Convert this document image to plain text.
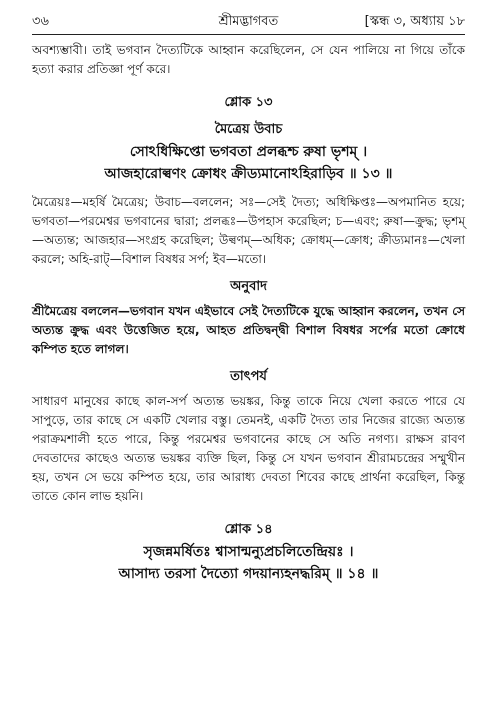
৩৬	শ্রীমদ্ভাগবত	[স্কন্ধ ৩, অধ্যায় ১৮

অবশ্যম্ভাবী। তাই ভগবান দৈত্যটিকে আহ্বান করেছিলেন, সে যেন পালিয়ে না গিয়ে তাঁকে হত্যা করার প্রতিজ্ঞা পূর্ণ করে।

শ্লোক ১৩
মৈত্রেয় উবাচ
সোঽধিক্ষিপ্তো ভগবতা প্রলব্ধশ্চ রুষা ভৃশম্ ।
আজহারোল্বণং ক্রোধং ক্রীড্যমানোঽহিরাড়িব ॥ ১৩ ॥

মৈত্রেয়ঃ—মহর্ষি মৈত্রেয়; উবাচ—বললেন; সঃ—সেই দৈত্য; অধিক্ষিপ্তঃ—অপমানিত হয়ে; ভগবতা—পরমেশ্বর ভগবানের দ্বারা; প্রলব্ধঃ—উপহাস করেছিল; চ—এবং; রুষা—ক্রুদ্ধ; ভৃশম্—অত্যন্ত; আজহার—সংগ্রহ করেছিল; উল্বণম্—অধিক; ক্রোধম্—ক্রোধ; ক্রীড্যমানঃ—খেলা করলে; অহি-রাট্—বিশাল বিষধর সর্প; ইব—মতো।

অনুবাদ

শ্রীমৈত্রেয় বললেন—ভগবান যখন এইভাবে সেই দৈত্যটিকে যুদ্ধে আহ্বান করলেন, তখন সে অত্যন্ত ক্রুদ্ধ এবং উত্তেজিত হয়ে, আহত প্রতিদ্বন্দ্বী বিশাল বিষধর সর্পের মতো ক্রোধে কম্পিত হতে লাগল।

তাৎপর্য

সাধারণ মানুষের কাছে কাল-সর্প অত্যন্ত ভয়ঙ্কর, কিন্তু তাকে নিয়ে খেলা করতে পারে যে সাপুড়ে, তার কাছে সে একটি খেলার বস্তু। তেমনই, একটি দৈত্য তার নিজের রাজ্যে অত্যন্ত পরাক্রমশালী হতে পারে, কিন্তু পরমেশ্বর ভগবানের কাছে সে অতি নগণ্য। রাক্ষস রাবণ দেবতাদের কাছেও অত্যন্ত ভয়ঙ্কর ব্যক্তি ছিল, কিন্তু সে যখন ভগবান শ্রীরামচন্দ্রের সম্মুখীন হয়, তখন সে ভয়ে কম্পিত হয়ে, তার আরাধ্য দেবতা শিবের কাছে প্রার্থনা করেছিল, কিন্তু তাতে কোন লাভ হয়নি।

শ্লোক ১৪
সৃজন্নমর্ষিতঃ শ্বাসান্মন্যুপ্রচলিতেন্দ্রিয়ঃ ।
আসাদ্য তরসা দৈত্যো গদয়ান্যহনদ্ধরিম্ ॥ ১৪ ॥
